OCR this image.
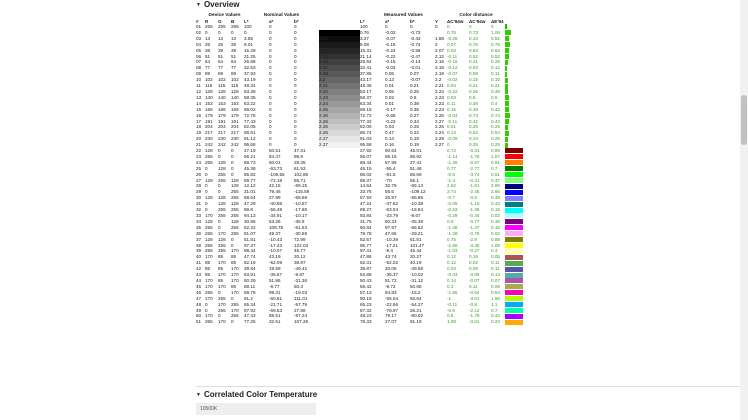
▼ Overview
	Device Values			Nominal Values				Measured Values				Color distance			
#	R	G	B	L*	a*	b*		L*	a*	b*	Y	ΔC'94w	ΔC'94w	ΔE'94	
01	255	255	255	100	0	0		100	0	0	0	0	0	0	

02	0	0	0	0	0	0		0.76	-0.02	-0.73		0.76	0.73	1.06	

03	13	13	13	3.55	0	0	1.85	3.27	-0.07	-0.43	1.88	-0.28	0.43	0.52	

04	26	26	26	9.01	0	0	2	9.08	-0.15	-0.74	2	0.07	0.75	0.75	

05	38	38	38	15.29	0	0	2.07	15.31	-0.24	-0.56	2.07	0.03	0.63	0.63	

06	51	51	51	21.25	0	0	2.12	21.14	-0.22	-0.47	2.12	-0.11	0.52	0.52	

07	64	64	64	26.88	0	0	2.15	26.84	-0.15	-0.14	2.16	-0.15	0.21	0.26	

08	77	77	77	32.53	0	0	2.17	32.41	-0.03	-0.01	2.18	-0.12	0.03	0.12	

09	89	89	89	37.93	0	0	2.19	37.85	0.06	0.07	2.19	-0.07	0.09	0.11	

10	102	102	102	43.19	0	0	2.2	43.17	0.13	-0.07	2.2	-0.02	0.15	0.15	

11	115	115	115	48.34	0	0	2.21	48.36	0.01	0.21	2.21	0.04	0.21	0.21	

12	128	128	128	53.39	0	0	2.22	53.17	0.05	0.26	2.24	-0.22	0.26	0.39	

13	140	140	140	58.35	0	0	2.23	58.37	0.02	0.5	2.23	0.03	0.5	0.5	

14	153	153	153	63.22	0	0	2.24	63.34	0.01	0.38	2.23	0.11	0.38	0.4	

15	166	166	166	68.02	0	0	2.25	68.18	-0.17	0.35	2.23	0.15	0.39	0.42	

16	179	179	179	72.76	0	0	2.26	72.72	-0.66	0.27	2.26	-0.04	0.73	0.74	

17	191	191	191	77.43	0	0	2.26	77.32	-0.23	0.34	2.27	-0.11	0.42	0.43	

18	204	204	204	82.05	0	0	2.26	82.06	0.03	0.25	2.26	0.01	0.25	0.25	

19	217	217	217	86.61	0	0	2.26	86.74	0.47	0.22	2.24	0.13	0.52	0.54	

20	230	230	230	91.12	0	0	2.27	91.03	0.14	0.19	2.29	-0.09	0.24	0.25	

21	242	242	242	95.58	0	0	2.27	95.58	0.16	0.19	2.27	0	0.25	0.25	

22	128	0	0	27.19	50.51	47.31		27.92	50.64	45.01		0.72	-0.31	0.89	

23	255	0	0	56.21	84.47	98.9		55.07	89.16	86.92		-1.14	-1.76	1.57	

24	255	128	0	69.73	60.01	28.35		68.44	57.99	27.42		-1.28	-0.57	0.91	

25	0	128	0	45.38	-63.73	61.53		46.15	-55.4	51.48		0.77	-2.77	0.7	

26	0	255	0	86.82	-106.55	102.88		86.02	-91.5	85.69		-0.8	-3.74	0.51	

27	128	255	128	89.77	-72.18	55.71		89.37	-70	55.1		-1.4	-0.41	0.37	

28	0	0	128	12.12	42.15	-69.15		14.64	32.79	-65.14		2.52	-1.61	2.89	

29	0	0	255	31.01	79.46	-115.59		33.76	55.6	-109.12		2.74	-2.45	2.66	

30	128	128	255	58.64	27.99	-68.69		57.93	25.97	-65.85		-0.7	-0.6	0.39	

31	0	128	128	47.29	-40.86	-10.57		47.24	-37.62	-10.38		-0.05	-1.16	0.43	

32	0	255	255	89.8	-56.48	-17.66		89.27	-63.04	-16.84		-0.53	-1.36	0.19	

33	170	255	255	94.13	-34.91	-10.17		93.84	-33.79	-9.67		-0.29	-0.44	0.02	

34	128	0	128	30.85	63.26	-36.9		31.75	60.33	-35.38		0.9	-0.77	0.36	

35	255	0	255	62.32	108.78	-61.53		60.84	97.97	-56.52		-1.48	-1.47	0.15	

36	255	170	255	81.07	49.37	-30.59		79.78	47.66	-29.21		-1.29	-0.75	0.02	

37	128	128	0	51.81	-10.43	72.99		52.57	-10.39	61.51		0.75	-2.9	0.89	

38	255	255	0	97.37	-17.43	122.03		95.77	-17.21	101.47		-1.66	-3.35	1.09	

39	255	255	170	98.44	-10.07	46.77		97.41	-9.4	45.44		-1.03	-0.27	0.3	

40	170	85	85	47.74	43.19	20.12		47.86	43.74	20.27		0.12	0.19	0.05	

41	85	170	85	62.19	-52.09	38.97		62.31	-52.02	40.19		0.12	0.02	0.11	

42	85	85	170	39.84	19.69	-49.42		39.87	20.06	-49.58		0.03	0.06	0.11	

43	85	170	170	63.91	-35.57	-9.87		63.88	-35.37	-10.02		-0.03	-0.06	0.13	

44	170	85	170	50.29	51.86	-31.36		50.43	51.72	-31.12		0.14	-0.07	0.07	

45	170	170	85	68.11	-9.77	50.3		68.42	-9.73	50.68		0.3	0.11	0.06	

46	255	0	170	58.78	99.31	-19.03		57.13	94.83	-15.2		-1.65	-0.64	0.64	

47	170	255	0	91.2	-60.61	111.01		90.19	-55.04	92.54		-1	-3.01	1.56	

48	0	170	255	65.34	-21.71	-57.79		65.23	-22.56	-54.27		-0.11	-0.8	1.1	

49	0	255	170	87.92	-69.53	27.88		87.32	-78.97	26.21		-0.6	-2.12	0.7	

50	170	0	255	47.43	88.51	-87.24		48.23	79.17	-80.02		0.8	-1.79	0.44	

51	255	170	0	77.25	32.51	107.28		78.33	27.07	91.19		1.08	-3.01	0.23	
▼ Correlated Color Temperature
10500K
